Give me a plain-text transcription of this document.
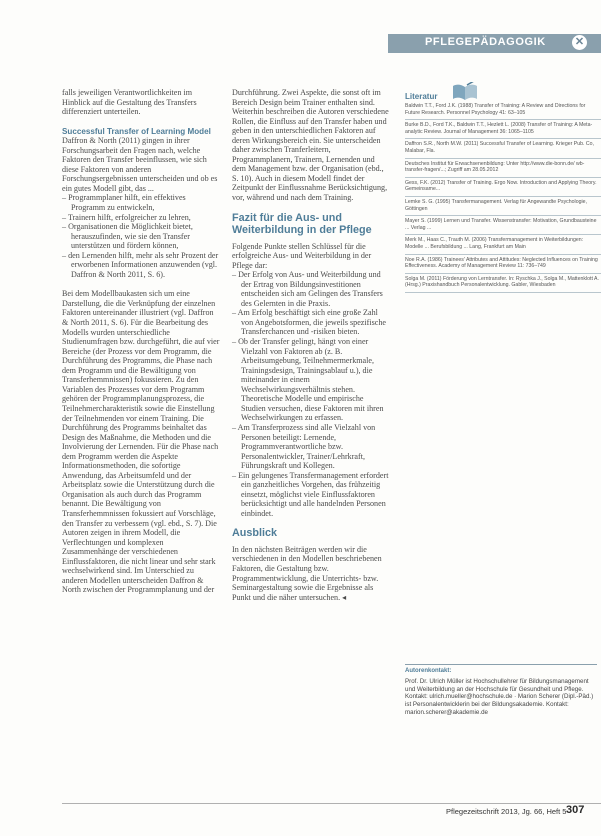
PFLEGEPÄDAGOGIK	✕

falls jeweiligen Verantwortlichkeiten im Hinblick auf die Gestaltung des Transfers differenziert unterteilen.

Successful Transfer of Learning Model Daffron & North (2011) gingen in ihrer Forschungsarbeit den Fragen nach, welche Faktoren den Transfer beeinflussen, wie sich diese Faktoren von anderen Forschungsergebnissen unterscheiden und ob es ein gutes Modell gibt, das ...

– Programmplaner hilft, ein effektives Programm zu entwickeln,
– Trainern hilft, erfolgreicher zu lehren,
– Organisationen die Möglichkeit bietet, herauszufinden, wie sie den Transfer unterstützen und fördern können,
– den Lernenden hilft, mehr als sehr Prozent der erworbenen Informationen anzuwenden (vgl. Daffron & North 2011, S. 6).

Bei dem Modellbaukasten sich um eine Darstellung, die die Verknüpfung der einzelnen Faktoren untereinander illustriert (vgl. Daffron & North 2011, S. 6). Für die Bearbeitung des Modells wurden unterschiedliche Studienumfragen bzw. durchgeführt, die auf vier Bereiche (der Prozess vor dem Programm, die Durchführung des Programms, die Phase nach dem Programm und die Bewältigung von Transferhemmnissen) fokussieren. Zu den Variablen des Prozesses vor dem Programm gehören der Programmplanungsprozess, die Teilnehmercharakteristik sowie die Einstellung der Teilnehmenden vor einem Training. Die Durchführung des Programms beinhaltet das Design des Maßnahme, die Methoden und die Involvierung der Lernenden. Für die Phase nach dem Programm werden die Aspekte Informationsmethoden, die sofortige Anwendung, das Arbeitsumfeld und der Arbeitsplatz sowie die Unterstützung durch die Organisation als auch durch das Programm benannt. Die Bewältigung von Transferhemmnissen fokussiert auf Vorschläge, den Transfer zu verbessern (vgl. ebd., S. 7). Die Autoren zeigen in ihrem Modell, die Verflechtungen und komplexen Zusammenhänge der verschiedenen Einflussfaktoren, die nicht linear und sehr stark wechselwirkend sind. Im Unterschied zu anderen Modellen unterscheiden Daffron & North zwischen der Programmplanung und der

Durchführung. Zwei Aspekte, die sonst oft im Bereich Design beim Trainer enthalten sind. Weiterhin beschreiben die Autoren verschiedene Rollen, die Einfluss auf den Transfer haben und geben in den unterschiedlichen Faktoren auf deren Wirkungsbereich ein. Sie unterscheiden daher zwischen Tranferleitern, Programmplanern, Trainern, Lernenden und dem Management bzw. der Organisation (ebd., S. 10). Auch in diesem Modell findet der Zeitpunkt der Einflussnahme Berücksichtigung, vor, während und nach dem Training.

Fazit für die Aus- und Weiterbildung in der Pflege

Folgende Punkte stellen Schlüssel für die erfolgreiche Aus- und Weiterbildung in der Pflege dar:

– Der Erfolg von Aus- und Weiterbildung und der Ertrag von Bildungsinvestitionen entscheiden sich am Gelingen des Transfers des Gelernten in die Praxis.
– Am Erfolg beschäftigt sich eine große Zahl von Angebotsformen, die jeweils spezifische Transferchancen und -risiken bieten.
– Ob der Transfer gelingt, hängt von einer Vielzahl von Faktoren ab (z. B. Arbeitsumgebung, Teilnehmermerkmale, Trainingsdesign, Trainingsablauf u.), die miteinander in einem Wechselwirkungsverhältnis stehen. Theoretische Modelle und empirische Studien versuchen, diese Faktoren mit ihren Wechselwirkungen zu erfassen.
– Am Transferprozess sind alle Vielzahl von Personen beteiligt: Lernende, Programmverantwortliche bzw. Personalentwickler, Trainer/Lehrkraft, Führungskraft und Kollegen.
– Ein gelungenes Transfermanagement erfordert ein ganzheitliches Vorgehen, das frühzeitig einsetzt, möglichst viele Einflussfaktoren berücksichtigt und alle handelnden Personen einbindet.
Ausblick

In den nächsten Beiträgen werden wir die verschiedenen in den Modellen beschriebenen Faktoren, die Gestaltung bzw. Programmentwicklung, die Unterrichts- bzw. Seminargestaltung sowie die Ergebnisse als Punkt und die näher untersuchen. ◂

Literatur
Baldwin T.T., Ford J.K. (1988) Transfer of Training: A Review and Directions for Future Research. Personnel Psychology 41: 63–105
Burke B.D., Ford T.K., Baldwin T.T., Hezlett L. (2008) Transfer of Training: A Meta-analytic Review. Journal of Management 36: 1065–1105
Daffron S.R., North M.W. (2011) Successful Transfer of Learning. Krieger Pub. Co, Malabar, Fla.
Deutsches Institut für Erwachsenenbildung: Unter http://www.die-bonn.de/ wb-transfer-fragen/...; Zugriff am 28.05.2012
Gess, F.K. (2012) Transfer of Training. Ergo Now. Introduction and Applying Theory. Gemeinsame...
Lemke S. G. (1995) Transfermanagement. Verlag für Angewandte Psychologie, Göttingen
Mayer S. (1999) Lernen und Transfer. Wissenstransfer: Motivation, Grundbausteine ... Verlag ...
Merk M., Haas C., Trauth M. (2006) Transfermanagement in Weiterbildungen: Modelle ... Berufsbildung ... Lang, Frankfurt am Main
Noe R.A. (1986) Trainees' Attributes and Attitudes: Neglected Influences on Training Effectiveness. Academy of Management Review 11: 736–749
Solga M. (2011) Förderung von Lerntransfer. In: Ryschka J., Solga M., Mattenklott A. (Hrsg.) Praxishandbuch Personalentwicklung. Gabler, Wiesbaden
Autorenkontakt:
Prof. Dr. Ulrich Müller ist Hochschullehrer für Bildungsmanagement und Weiterbildung an der Hochschule für Gesundheit und Pflege. Kontakt: ulrich.mueller@hochschule.de · Marion Scherer (Dipl.-Päd.) ist Personalentwicklerin bei der Bildungsakademie. Kontakt: marion.scherer@akademie.de
Pflegezeitschrift 2013, Jg. 66, Heft 5 307
